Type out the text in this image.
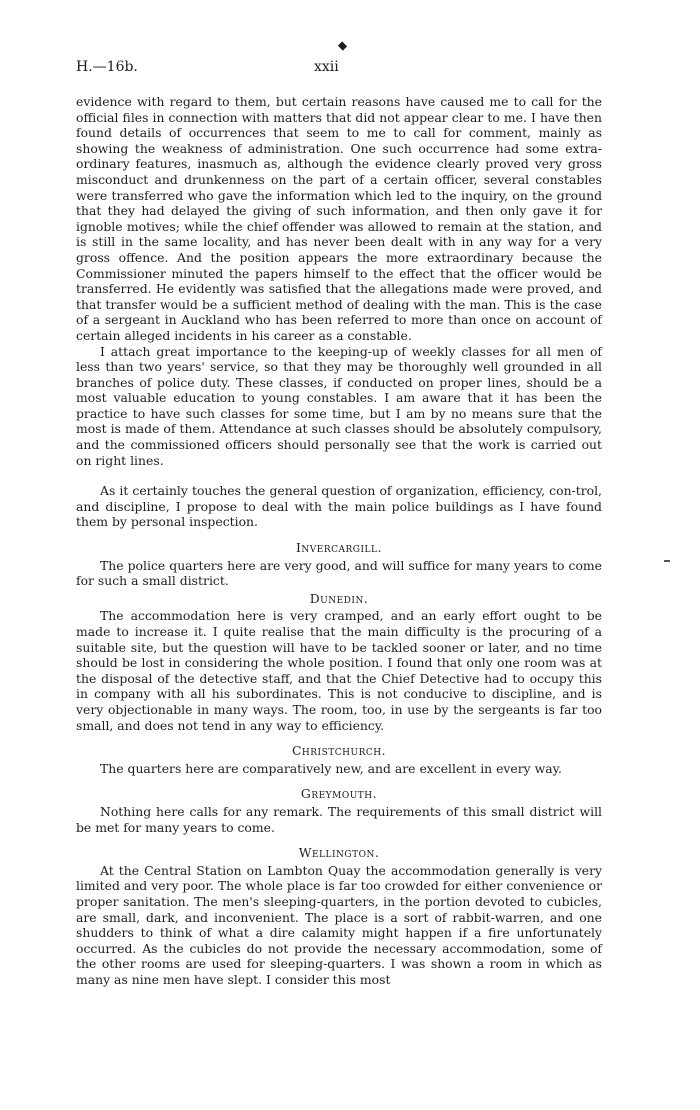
H.—16b.	xxii

evidence with regard to them, but certain reasons have caused me to call for the official files in connection with matters that did not appear clear to me. I have then found details of occurrences that seem to me to call for comment, mainly as showing the weakness of administration. One such occurrence had some extra-ordinary features, inasmuch as, although the evidence clearly proved very gross misconduct and drunkenness on the part of a certain officer, several constables were transferred who gave the information which led to the inquiry, on the ground that they had delayed the giving of such information, and then only gave it for ignoble motives; while the chief offender was allowed to remain at the station, and is still in the same locality, and has never been dealt with in any way for a very gross offence. And the position appears the more extraordinary because the Commissioner minuted the papers himself to the effect that the officer would be transferred. He evidently was satisfied that the allegations made were proved, and that transfer would be a sufficient method of dealing with the man. This is the case of a sergeant in Auckland who has been referred to more than once on account of certain alleged incidents in his career as a constable.

I attach great importance to the keeping-up of weekly classes for all men of less than two years' service, so that they may be thoroughly well grounded in all branches of police duty. These classes, if conducted on proper lines, should be a most valuable education to young constables. I am aware that it has been the practice to have such classes for some time, but I am by no means sure that the most is made of them. Attendance at such classes should be absolutely compulsory, and the commissioned officers should personally see that the work is carried out on right lines.

As it certainly touches the general question of organization, efficiency, con-trol, and discipline, I propose to deal with the main police buildings as I have found them by personal inspection.

Invercargill.

The police quarters here are very good, and will suffice for many years to come for such a small district.

Dunedin.

The accommodation here is very cramped, and an early effort ought to be made to increase it. I quite realise that the main difficulty is the procuring of a suitable site, but the question will have to be tackled sooner or later, and no time should be lost in considering the whole position. I found that only one room was at the disposal of the detective staff, and that the Chief Detective had to occupy this in company with all his subordinates. This is not conducive to discipline, and is very objectionable in many ways. The room, too, in use by the sergeants is far too small, and does not tend in any way to efficiency.

Christchurch.

The quarters here are comparatively new, and are excellent in every way.

Greymouth.

Nothing here calls for any remark. The requirements of this small district will be met for many years to come.

Wellington.

At the Central Station on Lambton Quay the accommodation generally is very limited and very poor. The whole place is far too crowded for either convenience or proper sanitation. The men's sleeping-quarters, in the portion devoted to cubicles, are small, dark, and inconvenient. The place is a sort of rabbit-warren, and one shudders to think of what a dire calamity might happen if a fire unfortunately occurred. As the cubicles do not provide the necessary accommodation, some of the other rooms are used for sleeping-quarters. I was shown a room in which as many as nine men have slept. I consider this most
